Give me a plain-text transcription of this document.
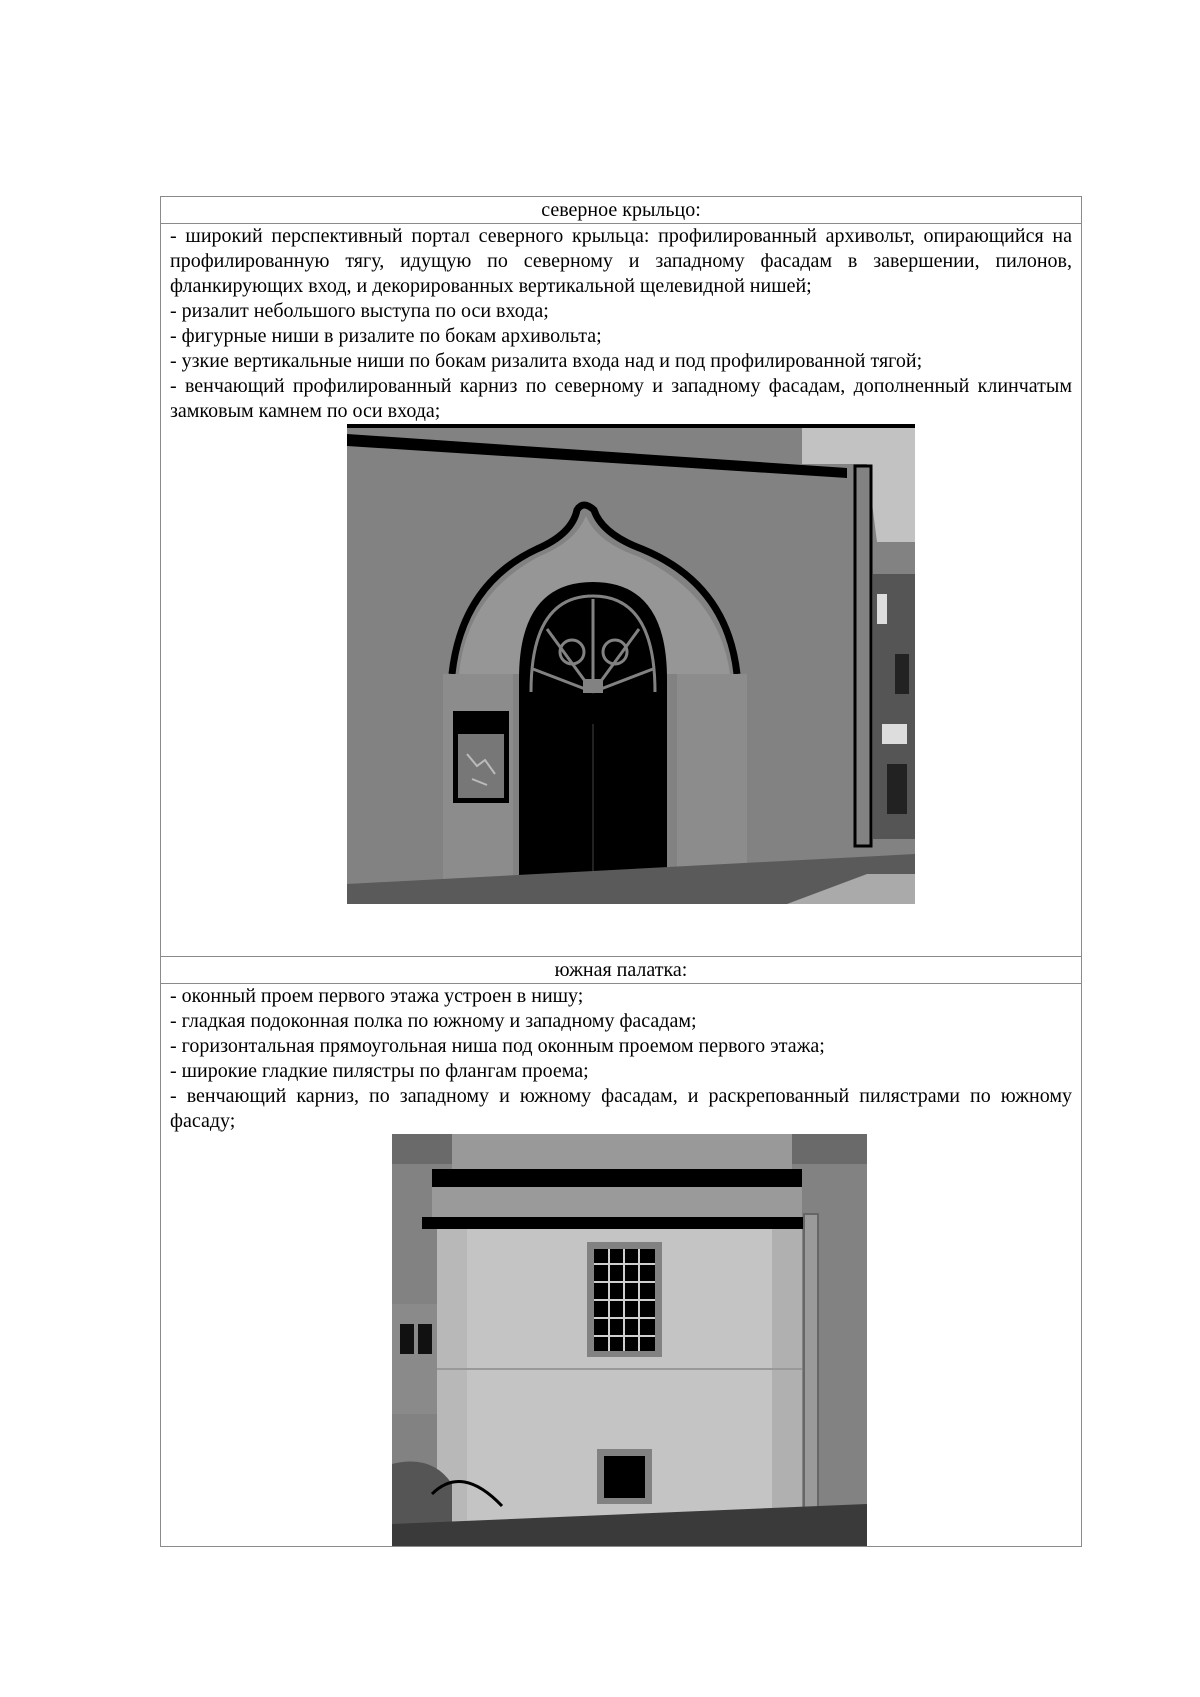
северное крыльцо:

- широкий перспективный портал северного крыльца: профилированный архивольт, опирающийся на профилированную тягу, идущую по северному и западному фасадам в завершении, пилонов, фланкирующих вход, и декорированных вертикальной щелевидной нишей;

- ризалит небольшого выступа по оси входа;

- фигурные ниши в ризалите по бокам архивольта;

- узкие вертикальные ниши по бокам ризалита входа над и под профилированной тягой;

- венчающий профилированный карниз по северному и западному фасадам, дополненный клинчатым замковым камнем по оси входа;

южная палатка:

- оконный проем первого этажа устроен в нишу;

- гладкая подоконная полка по южному и западному фасадам;

- горизонтальная прямоугольная ниша под оконным проемом первого этажа;

- широкие гладкие пилястры по флангам проема;

- венчающий карниз, по западному и южному фасадам, и раскрепованный пилястрами по южному фасаду;
